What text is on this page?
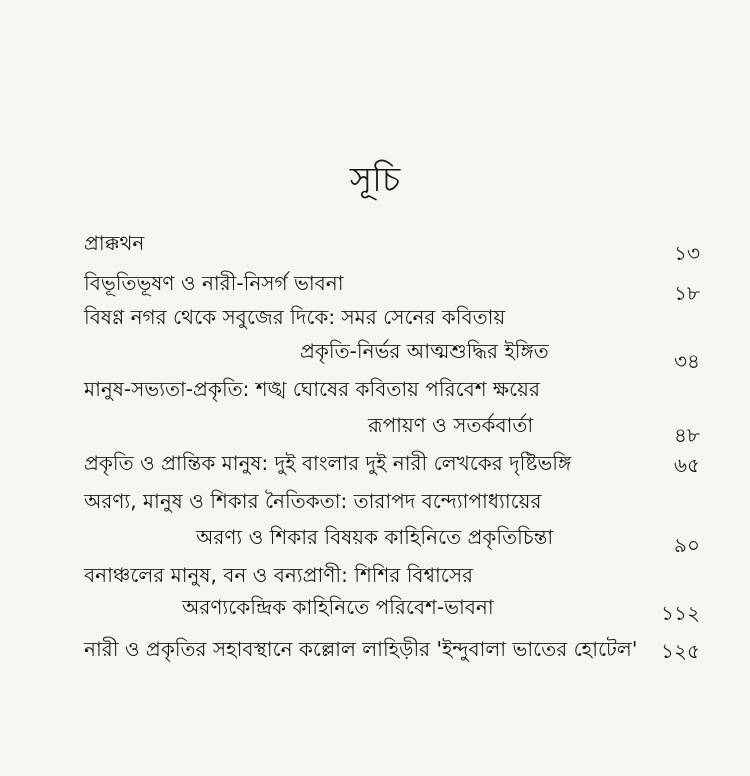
সূচি
প্রাক্কথন	১৩
বিভূতিভূষণ ও নারী-নিসর্গ ভাবনা	১৮
বিষণ্ণ নগর থেকে সবুজের দিকে: সমর সেনের কবিতায়
প্রকৃতি-নির্ভর আত্মশুদ্ধির ইঙ্গিত	৩৪
মানুষ-সভ্যতা-প্রকৃতি: শঙ্খ ঘোষের কবিতায় পরিবেশ ক্ষয়ের
রূপায়ণ ও সতর্কবার্তা	৪৮
প্রকৃতি ও প্রান্তিক মানুষ: দুই বাংলার দুই নারী লেখকের দৃষ্টিভঙ্গি	৬৫
অরণ্য, মানুষ ও শিকার নৈতিকতা: তারাপদ বন্দ্যোপাধ্যায়ের
অরণ্য ও শিকার বিষয়ক কাহিনিতে প্রকৃতিচিন্তা	৯০
বনাঞ্চলের মানুষ, বন ও বন্যপ্রাণী: শিশির বিশ্বাসের
অরণ্যকেন্দ্রিক কাহিনিতে পরিবেশ-ভাবনা	১১২
নারী ও প্রকৃতির সহাবস্থানে কল্লোল লাহিড়ীর 'ইন্দুবালা ভাতের হোটেল' ১২৫
